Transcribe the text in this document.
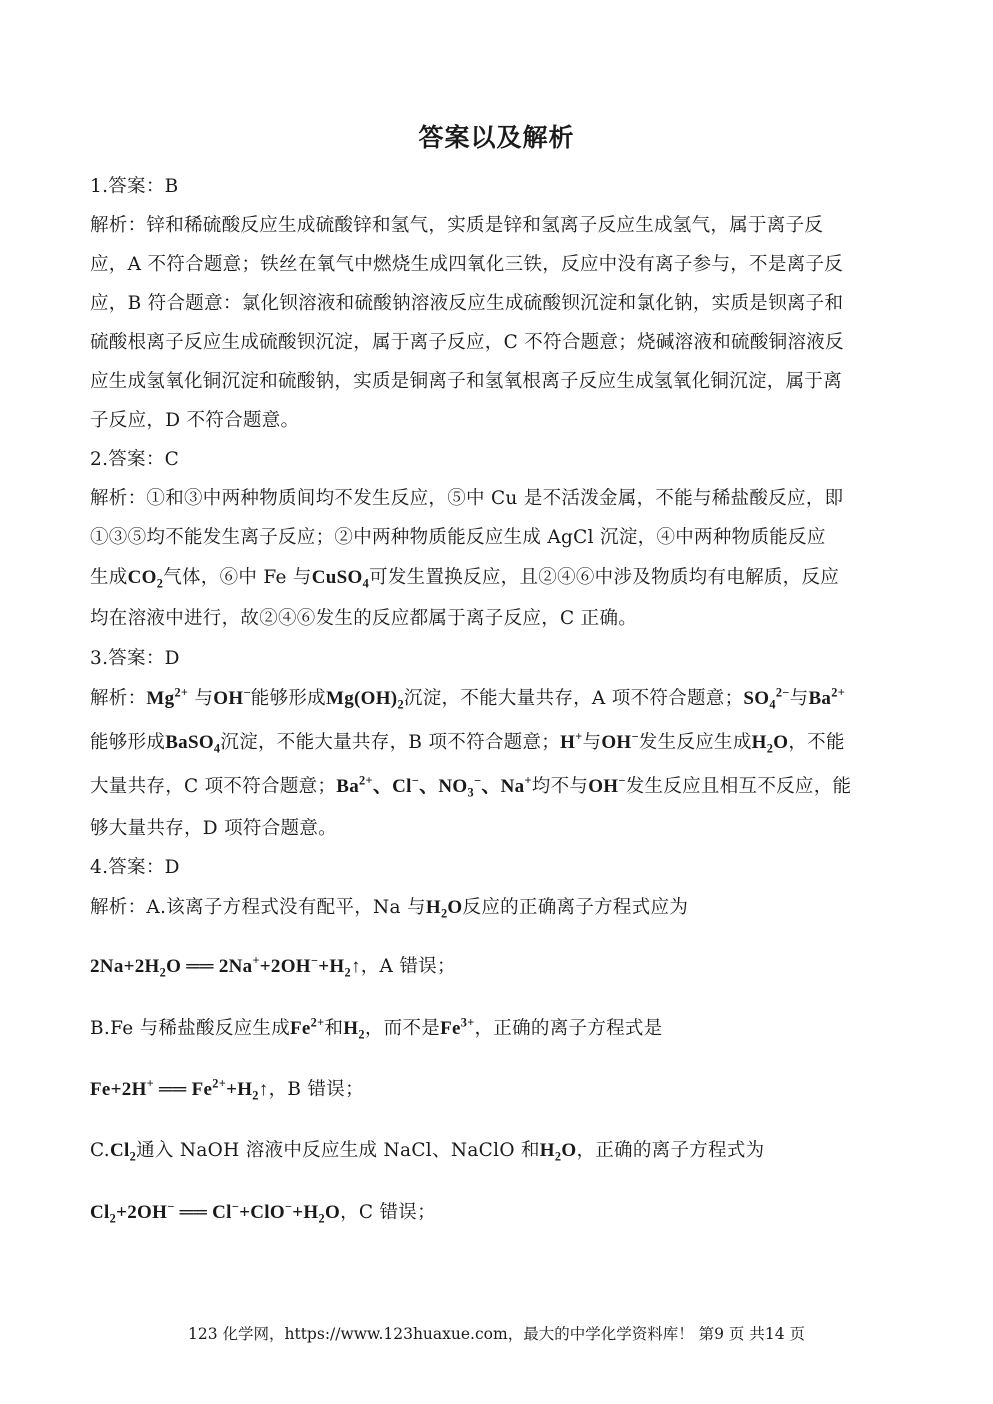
答案以及解析
1.答案：B
解析：锌和稀硫酸反应生成硫酸锌和氢气，实质是锌和氢离子反应生成氢气，属于离子反
应，A 不符合题意；铁丝在氧气中燃烧生成四氧化三铁，反应中没有离子参与，不是离子反
应，B 符合题意：氯化钡溶液和硫酸钠溶液反应生成硫酸钡沉淀和氯化钠，实质是钡离子和
硫酸根离子反应生成硫酸钡沉淀，属于离子反应，C 不符合题意；烧碱溶液和硫酸铜溶液反
应生成氢氧化铜沉淀和硫酸钠，实质是铜离子和氢氧根离子反应生成氢氧化铜沉淀，属于离
子反应，D 不符合题意。
2.答案：C
解析：①和③中两种物质间均不发生反应，⑤中 Cu 是不活泼金属，不能与稀盐酸反应，即
①③⑤均不能发生离子反应；②中两种物质能反应生成 AgCl 沉淀，④中两种物质能反应
生成$CO_2$气体，⑥中 Fe 与CuSO$_4$可发生置换反应，且②④⑥中涉及物质均有电解质，反应
均在溶液中进行，故②④⑥发生的反应都属于离子反应，C 正确。
3.答案：D
解析：$Mg^{2+}$ 与OH−能够形成$Mg(OH)_2$沉淀，不能大量共存，A 项不符合题意；$SO_4^{2-}$与$Ba^{2+}$
能够形成BaSO$_4$沉淀，不能大量共存，B 项不符合题意；H+与OH−发生反应生成$H_2O$，不能
大量共存，C 项不符合题意；$Ba^{2+}$、Cl−、$NO_3^-$、Na+均不与OH−发生反应且相互不反应，能
够大量共存，D 项符合题意。
4.答案：D
解析：A.该离子方程式没有配平，Na 与$H_2O$反应的正确离子方程式应为
$2Na+2H_2O$ ══ $2Na^++2OH^-+H_2↑$，A 错误；
B.Fe 与稀盐酸反应生成$Fe^{2+}$和$H_2$，而不是$Fe^{3+}$，正确的离子方程式是
Fe+2H+ ══ $Fe^{2+}+H_2↑$，B 错误；
$C.Cl_2$通入 NaOH 溶液中反应生成 NaCl、NaClO 和$H_2O$，正确的离子方程式为
$Cl_2+2OH^-$ ══ $Cl^-+ClO^-+H_2O$，C 错误；
123 化学网，https://www.123huaxue.com，最大的中学化学资料库！ 第9 页 共14 页
